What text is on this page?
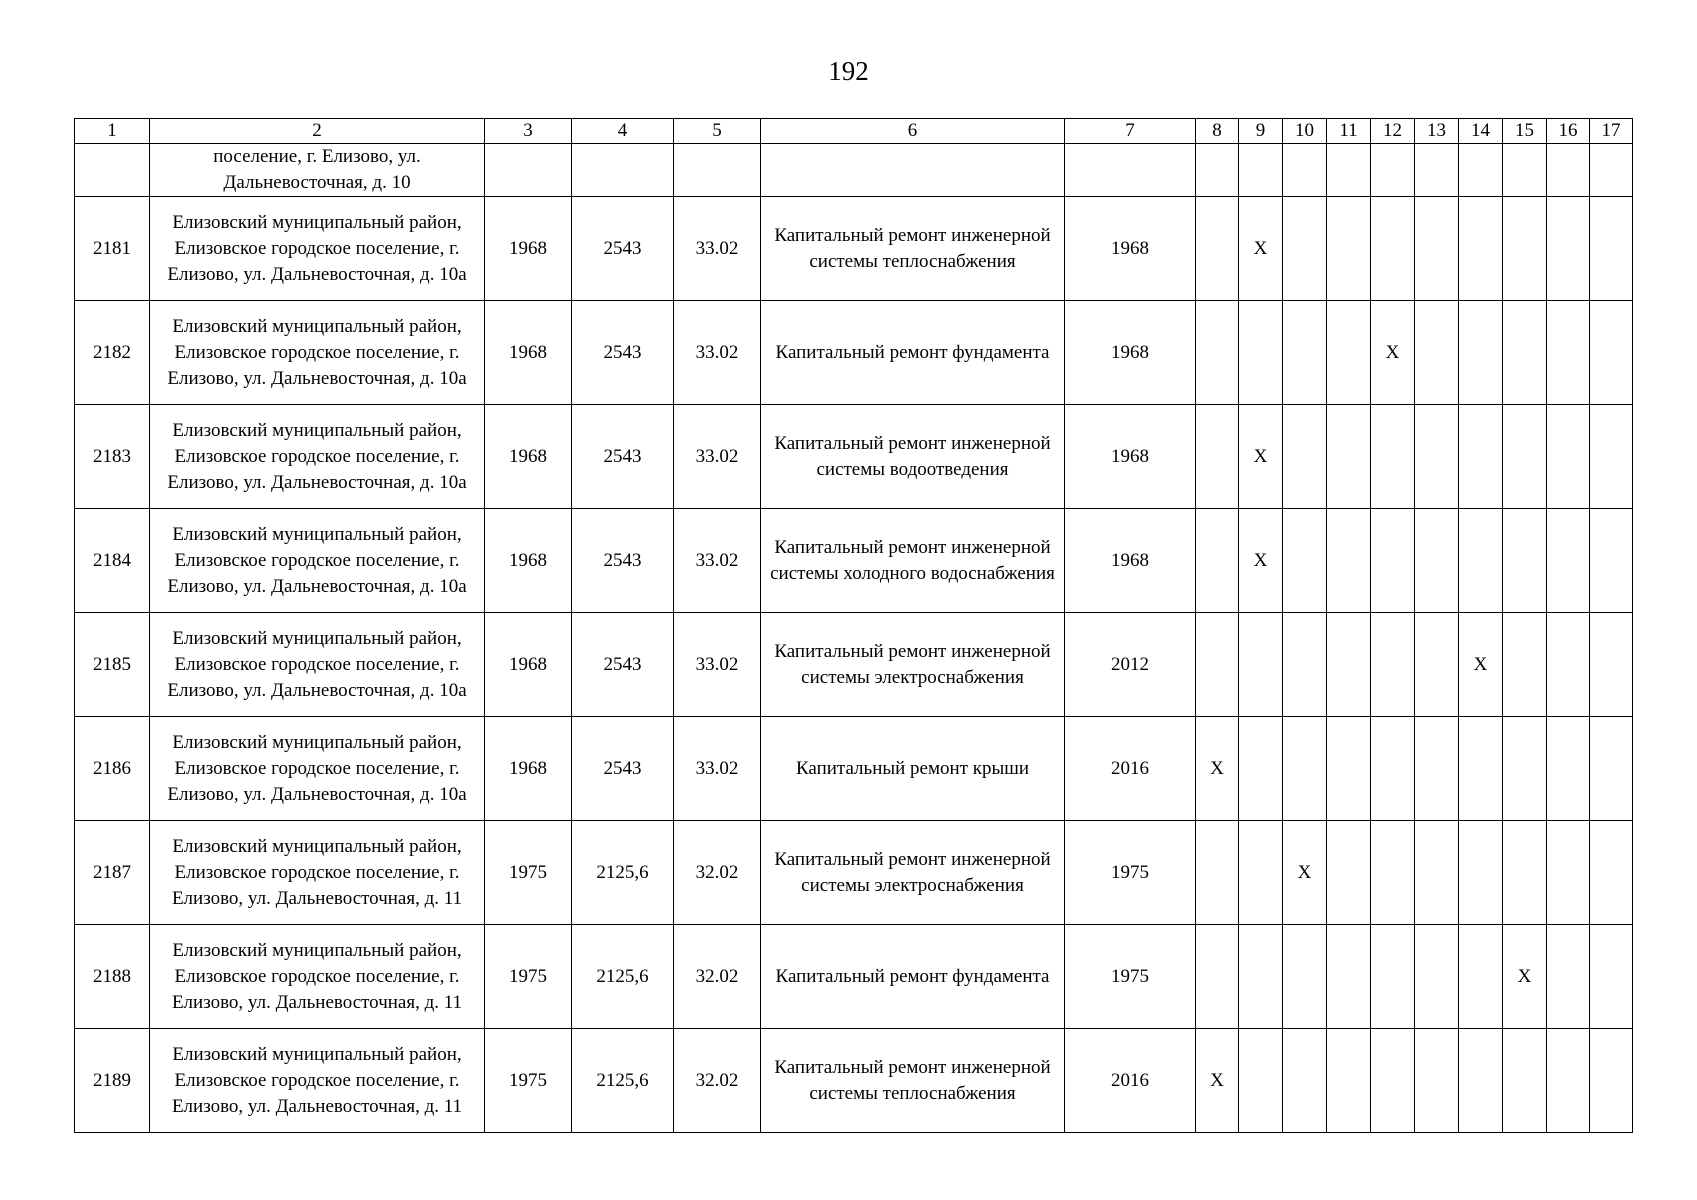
192
1	2	3	4	5	6	7	8	9	10	11	12	13	14	15	16	17
	поселение, г. Елизово, ул. Дальневосточная, д. 10															
2181	Елизовский муниципальный район, Елизовское городское поселение, г. Елизово, ул. Дальневосточная, д. 10а	1968	2543	33.02	Капитальный ремонт инженерной системы теплоснабжения	1968		X								
2182	Елизовский муниципальный район, Елизовское городское поселение, г. Елизово, ул. Дальневосточная, д. 10а	1968	2543	33.02	Капитальный ремонт фундамента	1968					X					
2183	Елизовский муниципальный район, Елизовское городское поселение, г. Елизово, ул. Дальневосточная, д. 10а	1968	2543	33.02	Капитальный ремонт инженерной системы водоотведения	1968		X								
2184	Елизовский муниципальный район, Елизовское городское поселение, г. Елизово, ул. Дальневосточная, д. 10а	1968	2543	33.02	Капитальный ремонт инженерной системы холодного водоснабжения	1968		X								
2185	Елизовский муниципальный район, Елизовское городское поселение, г. Елизово, ул. Дальневосточная, д. 10а	1968	2543	33.02	Капитальный ремонт инженерной системы электроснабжения	2012							X			
2186	Елизовский муниципальный район, Елизовское городское поселение, г. Елизово, ул. Дальневосточная, д. 10а	1968	2543	33.02	Капитальный ремонт крыши	2016	X									
2187	Елизовский муниципальный район, Елизовское городское поселение, г. Елизово, ул. Дальневосточная, д. 11	1975	2125,6	32.02	Капитальный ремонт инженерной системы электроснабжения	1975			X							
2188	Елизовский муниципальный район, Елизовское городское поселение, г. Елизово, ул. Дальневосточная, д. 11	1975	2125,6	32.02	Капитальный ремонт фундамента	1975								X		
2189	Елизовский муниципальный район, Елизовское городское поселение, г. Елизово, ул. Дальневосточная, д. 11	1975	2125,6	32.02	Капитальный ремонт инженерной системы теплоснабжения	2016	X									
